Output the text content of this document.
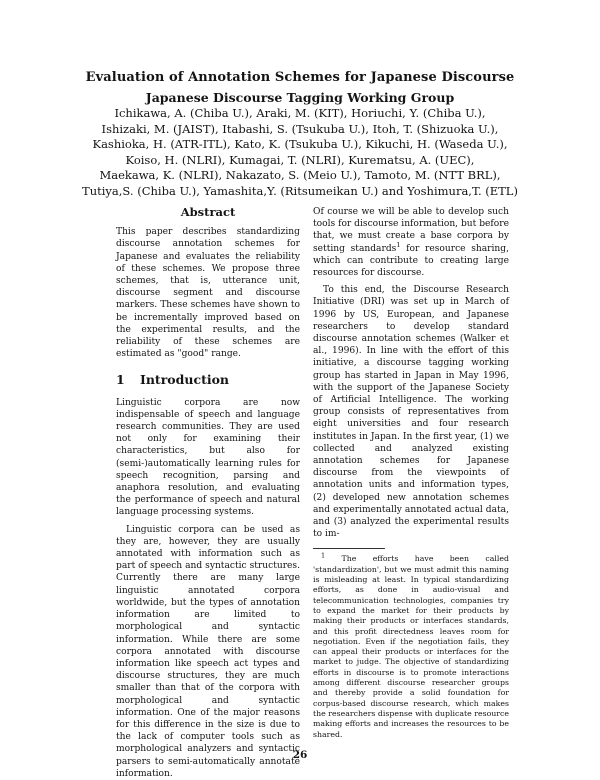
Evaluation of Annotation Schemes for Japanese Discourse
Japanese Discourse Tagging Working Group
Ichikawa, A. (Chiba U.), Araki, M. (KIT), Horiuchi, Y. (Chiba U.),
Ishizaki, M. (JAIST), Itabashi, S. (Tsukuba U.), Itoh, T. (Shizuoka U.),
Kashioka, H. (ATR-ITL), Kato, K. (Tsukuba U.), Kikuchi, H. (Waseda U.),
Koiso, H. (NLRI), Kumagai, T. (NLRI), Kurematsu, A. (UEC),
Maekawa, K. (NLRI), Nakazato, S. (Meio U.), Tamoto, M. (NTT BRL),
Tutiya,S. (Chiba U.), Yamashita,Y. (Ritsumeikan U.) and Yoshimura,T. (ETL)

Abstract

This paper describes standardizing discourse annotation schemes for Japanese and evaluates the reliability of these schemes. We propose three schemes, that is, utterance unit, discourse segment and discourse markers. These schemes have shown to be incrementally improved based on the experimental results, and the reliability of these schemes are estimated as "good" range.

1 Introduction

Linguistic corpora are now indispensable of speech and language research communities. They are used not only for examining their characteristics, but also for (semi-)automatically learning rules for speech recognition, parsing and anaphora resolution, and evaluating the performance of speech and natural language processing systems.

Linguistic corpora can be used as they are, however, they are usually annotated with information such as part of speech and syntactic structures. Currently there are many large linguistic annotated corpora worldwide, but the types of annotation information are limited to morphological and syntactic information. While there are some corpora annotated with discourse information like speech act types and discourse structures, they are much smaller than that of the corpora with morphological and syntactic information. One of the major reasons for this difference in the size is due to the lack of computer tools such as morphological analyzers and syntactic parsers to semi-automatically annotate information.

Of course we will be able to develop such tools for discourse information, but before that, we must create a base corpora by setting standards$^1$ for resource sharing, which can contribute to creating large resources for discourse.

To this end, the Discourse Research Initiative (DRI) was set up in March of 1996 by US, European, and Japanese researchers to develop standard discourse annotation schemes (Walker et al., 1996). In line with the effort of this initiative, a discourse tagging working group has started in Japan in May 1996, with the support of the Japanese Society of Artificial Intelligence. The working group consists of representatives from eight universities and four research institutes in Japan. In the first year, (1) we collected and analyzed existing annotation schemes for Japanese discourse from the viewpoints of annotation units and information types, (2) developed new annotation schemes and experimentally annotated actual data, and (3) analyzed the experimental results to im-

$^1$ The efforts have been called 'standardization', but we must admit this naming is misleading at least. In typical standardizing efforts, as done in audio-visual and telecommunication technologies, companies try to expand the market for their products by making their products or interfaces standards, and this profit directedness leaves room for negotiation. Even if the negotiation fails, they can appeal their products or interfaces for the market to judge. The objective of standardizing efforts in discourse is to promote interactions among different discourse researcher groups and thereby provide a solid foundation for corpus-based discourse research, which makes the researchers dispense with duplicate resource making efforts and increases the resources to be shared.

26
